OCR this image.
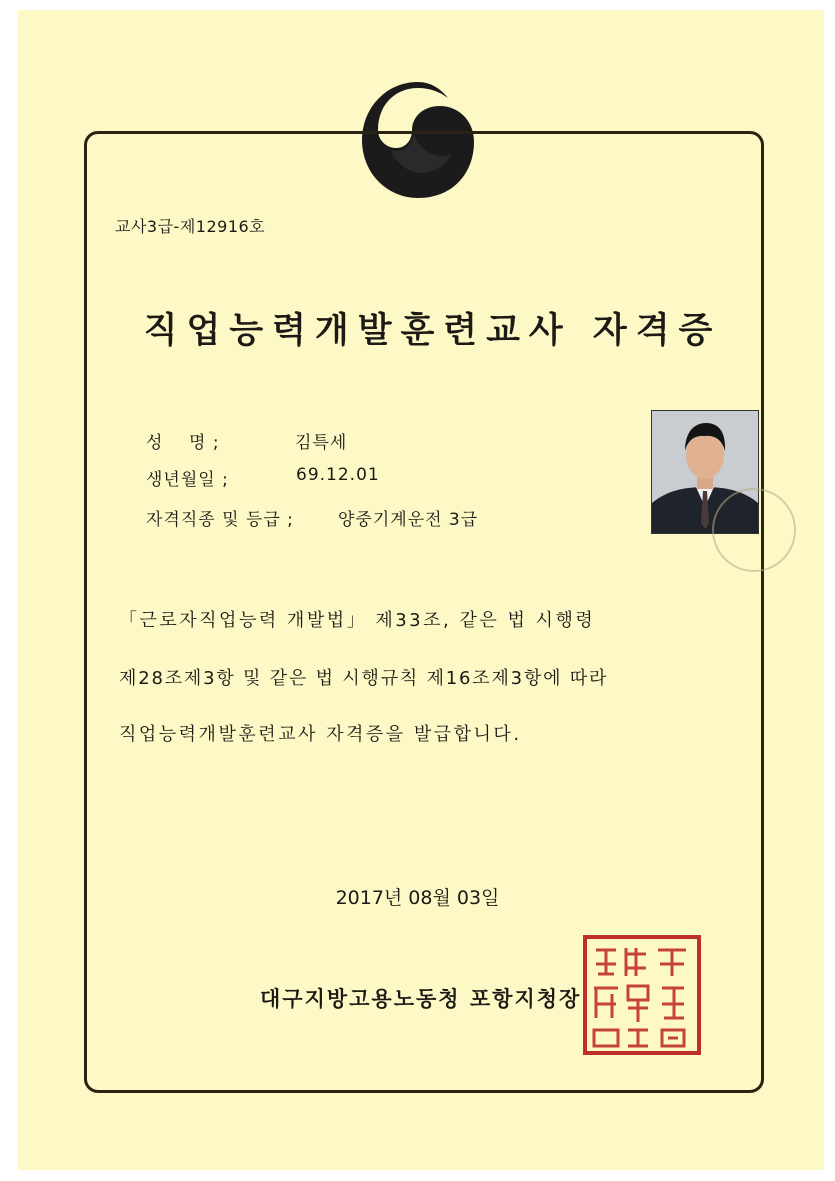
교사3급-제12916호
직업능력개발훈련교사 자격증
성    명 ;	김특세
생년월일 ;	69.12.01
자격직종 및 등급 ;	양중기계운전 3급
「근로자직업능력 개발법」 제33조, 같은 법 시행령
제28조제3항 및 같은 법 시행규칙 제16조제3항에 따라
직업능력개발훈련교사 자격증을 발급합니다.
2017년 08월 03일
대구지방고용노동청 포항지청장
